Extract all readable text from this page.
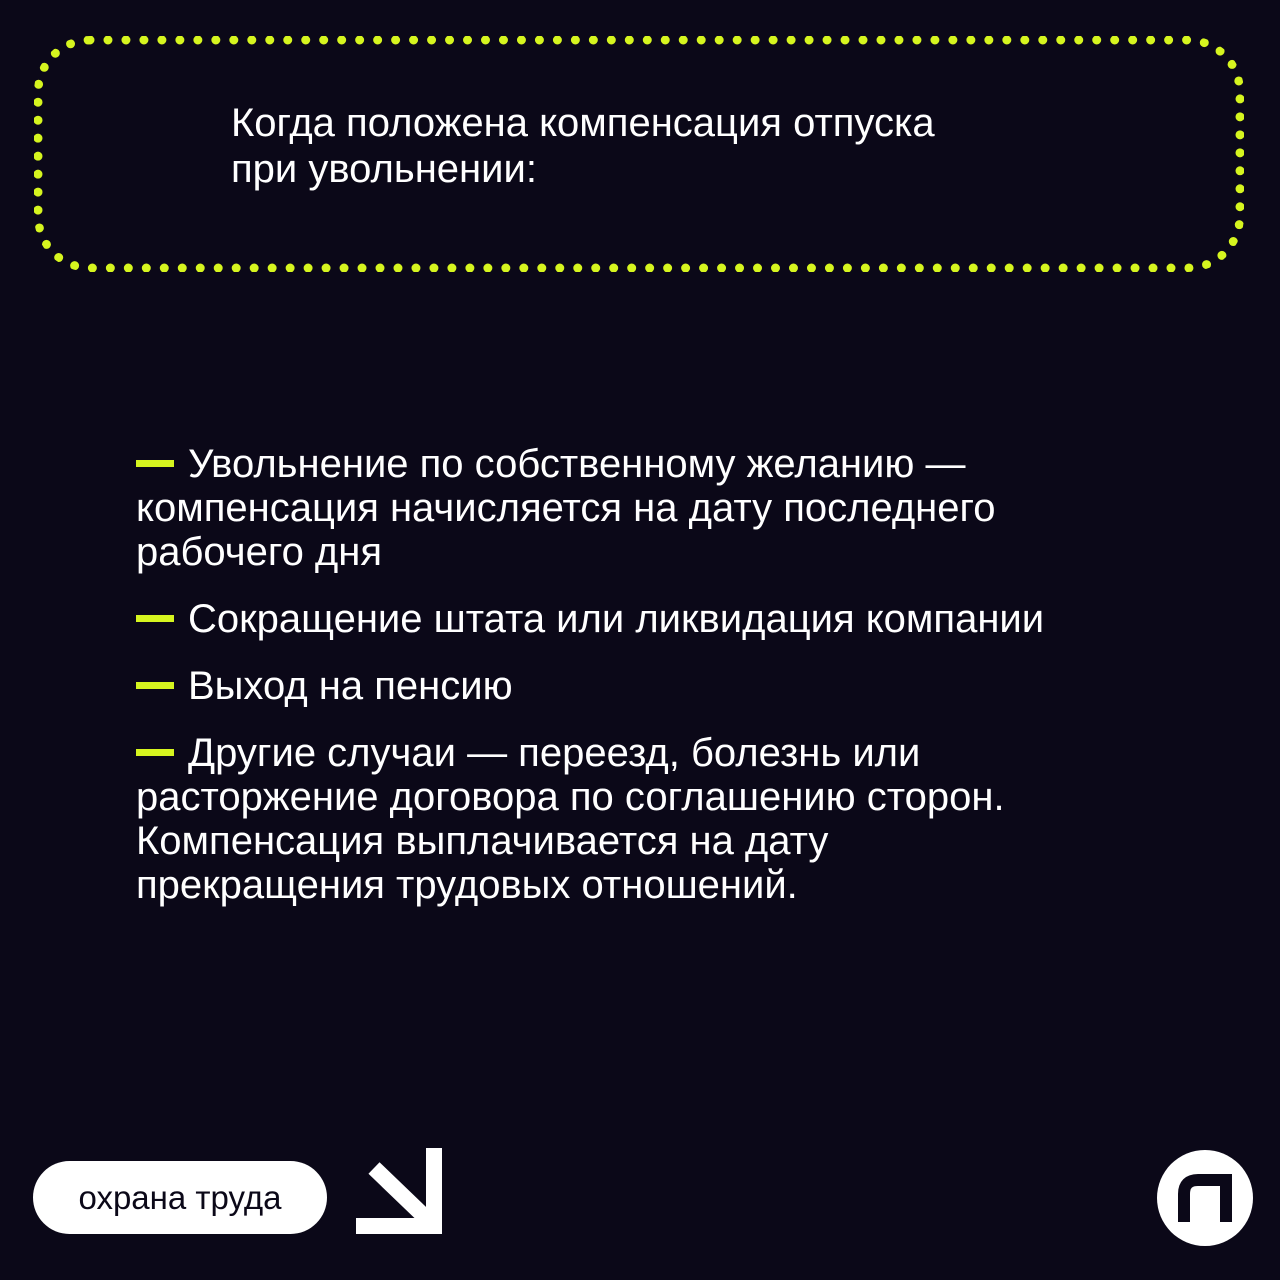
Когда положена компенсация отпуска
при увольнении:
Увольнение по собственному желанию —
компенсация начисляется на дату последнего
рабочего дня
Сокращение штата или ликвидация компании
Выход на пенсию
Другие случаи — переезд, болезнь или
расторжение договора по соглашению сторон.
Компенсация выплачивается на дату
прекращения трудовых отношений.
охрана труда
